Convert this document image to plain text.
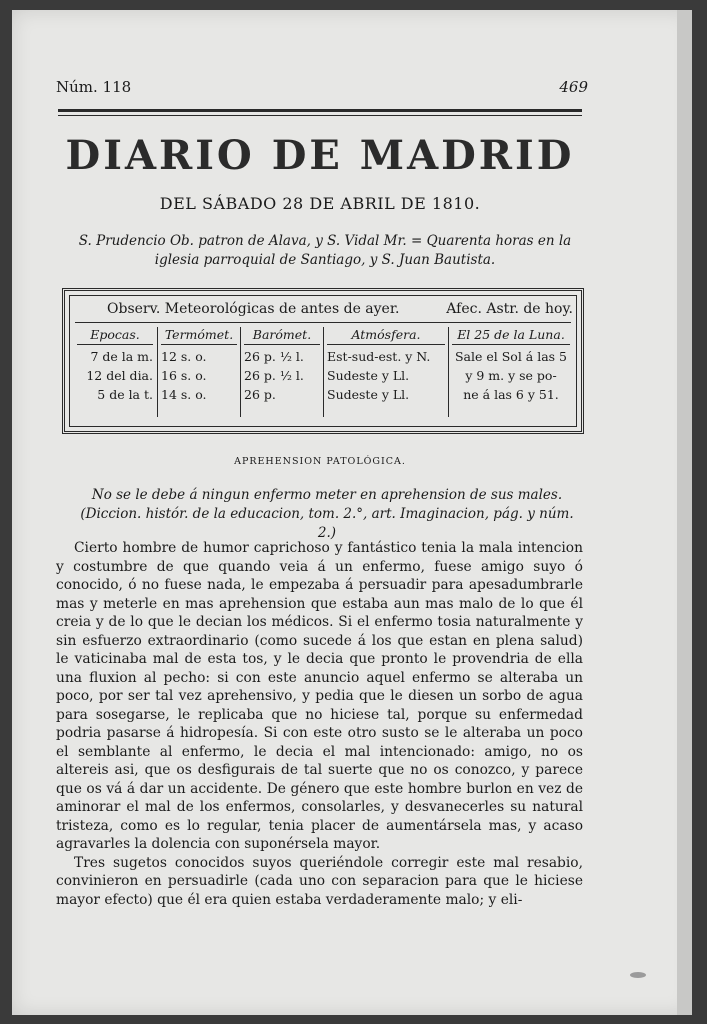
Núm. 118	469
DIARIO DE MADRID
DEL SÁBADO 28 DE ABRIL DE 1810.
S. Prudencio Ob. patron de Alava, y S. Vidal Mr. = Quarenta horas en la iglesia parroquial de Santiago, y S. Juan Bautista.
Observ. Meteorológicas de antes de ayer.	Afec. Astr. de hoy.
Epocas.
7 de la m.
12 del dia.
5 de la t.
Termómet.
12 s. o.
16 s. o.
14 s. o.
Barómet.
26 p. ½ l.
26 p. ½ l.
26 p.
Atmósfera.
Est-sud-est. y N.
Sudeste y Ll.
Sudeste y Ll.
El 25 de la Luna.
Sale el Sol á las 5
y 9 m. y se po-
ne á las 6 y 51.
APREHENSION PATOLÓGICA.
No se le debe á ningun enfermo meter en aprehension de sus males. (Diccion. histór. de la educacion, tom. 2.°, art. Imaginacion, pág. y núm. 2.)

Cierto hombre de humor caprichoso y fantástico tenia la mala intencion y costumbre de que quando veia á un enfermo, fuese amigo suyo ó conocido, ó no fuese nada, le empezaba á persuadir para apesadumbrarle mas y meterle en mas aprehension que estaba aun mas malo de lo que él creia y de lo que le decian los médicos. Si el enfermo tosia naturalmente y sin esfuerzo extraordinario (como sucede á los que estan en plena salud) le vaticinaba mal de esta tos, y le decia que pronto le provendria de ella una fluxion al pecho: si con este anuncio aquel enfermo se alteraba un poco, por ser tal vez aprehensivo, y pedia que le diesen un sorbo de agua para sosegarse, le replicaba que no hiciese tal, porque su enfermedad podria pasarse á hidropesía. Si con este otro susto se le alteraba un poco el semblante al enfermo, le decia el mal intencionado: amigo, no os altereis asi, que os desfigurais de tal suerte que no os conozco, y parece que os vá á dar un accidente. De género que este hombre burlon en vez de aminorar el mal de los enfermos, consolarles, y desvanecerles su natural tristeza, como es lo regular, tenia placer de aumentársela mas, y acaso agravarles la dolencia con suponérsela mayor.

Tres sugetos conocidos suyos queriéndole corregir este mal resabio, convinieron en persuadirle (cada uno con separacion para que le hiciese mayor efecto) que él era quien estaba verdaderamente malo; y eli-
